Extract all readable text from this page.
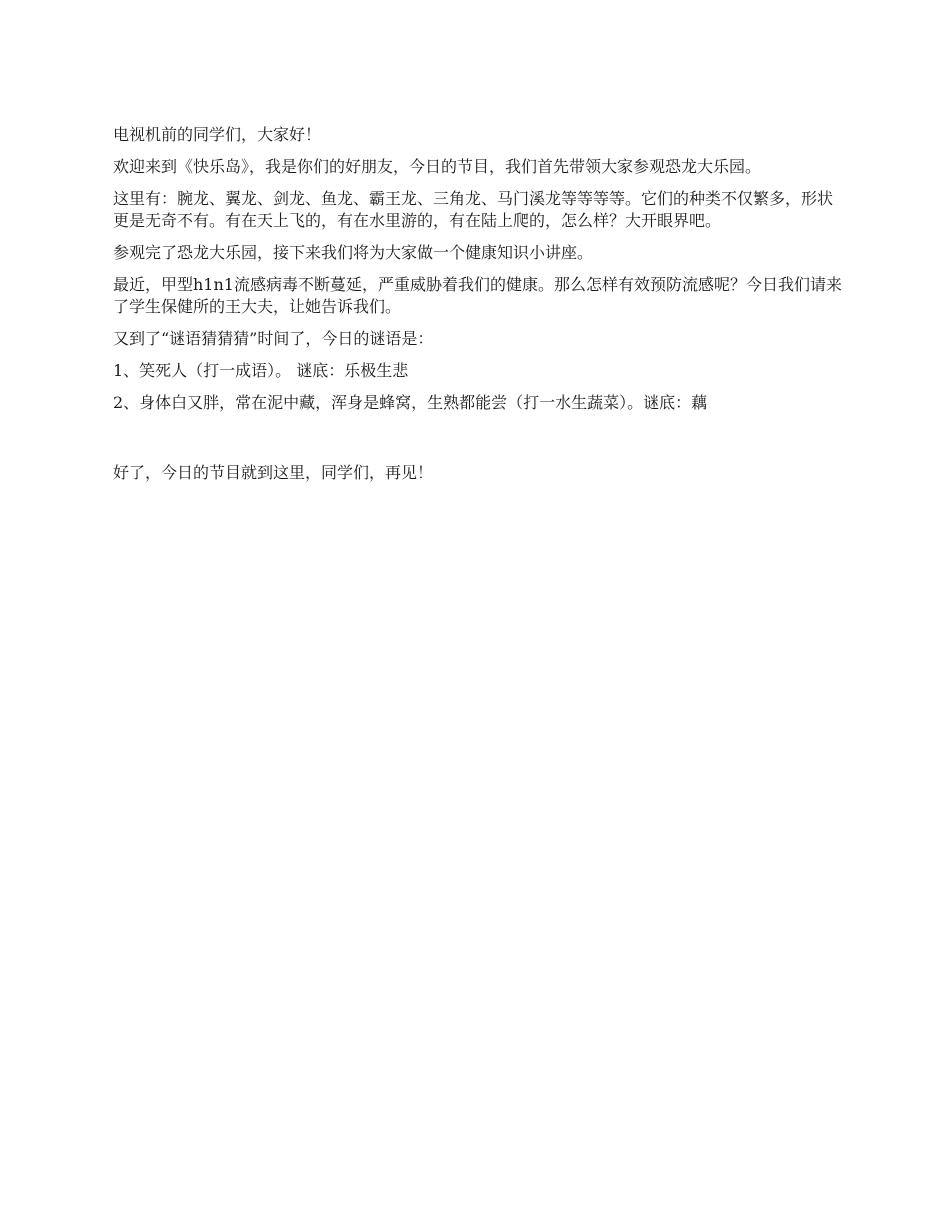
电视机前的同学们，大家好！

欢迎来到《快乐岛》，我是你们的好朋友，今日的节目，我们首先带领大家参观恐龙大乐园。

这里有：腕龙、翼龙、剑龙、鱼龙、霸王龙、三角龙、马门溪龙等等等等。它们的种类不仅繁多，形状更是无奇不有。有在天上飞的，有在水里游的，有在陆上爬的，怎么样？大开眼界吧。

参观完了恐龙大乐园，接下来我们将为大家做一个健康知识小讲座。

最近，甲型h1n1流感病毒不断蔓延，严重威胁着我们的健康。那么怎样有效预防流感呢？今日我们请来了学生保健所的王大夫，让她告诉我们。

又到了“谜语猜猜猜”时间了，今日的谜语是：

1、笑死人（打一成语）。 谜底：乐极生悲

2、身体白又胖，常在泥中藏，浑身是蜂窝，生熟都能尝（打一水生蔬菜）。谜底：藕

好了，今日的节目就到这里，同学们，再见！
